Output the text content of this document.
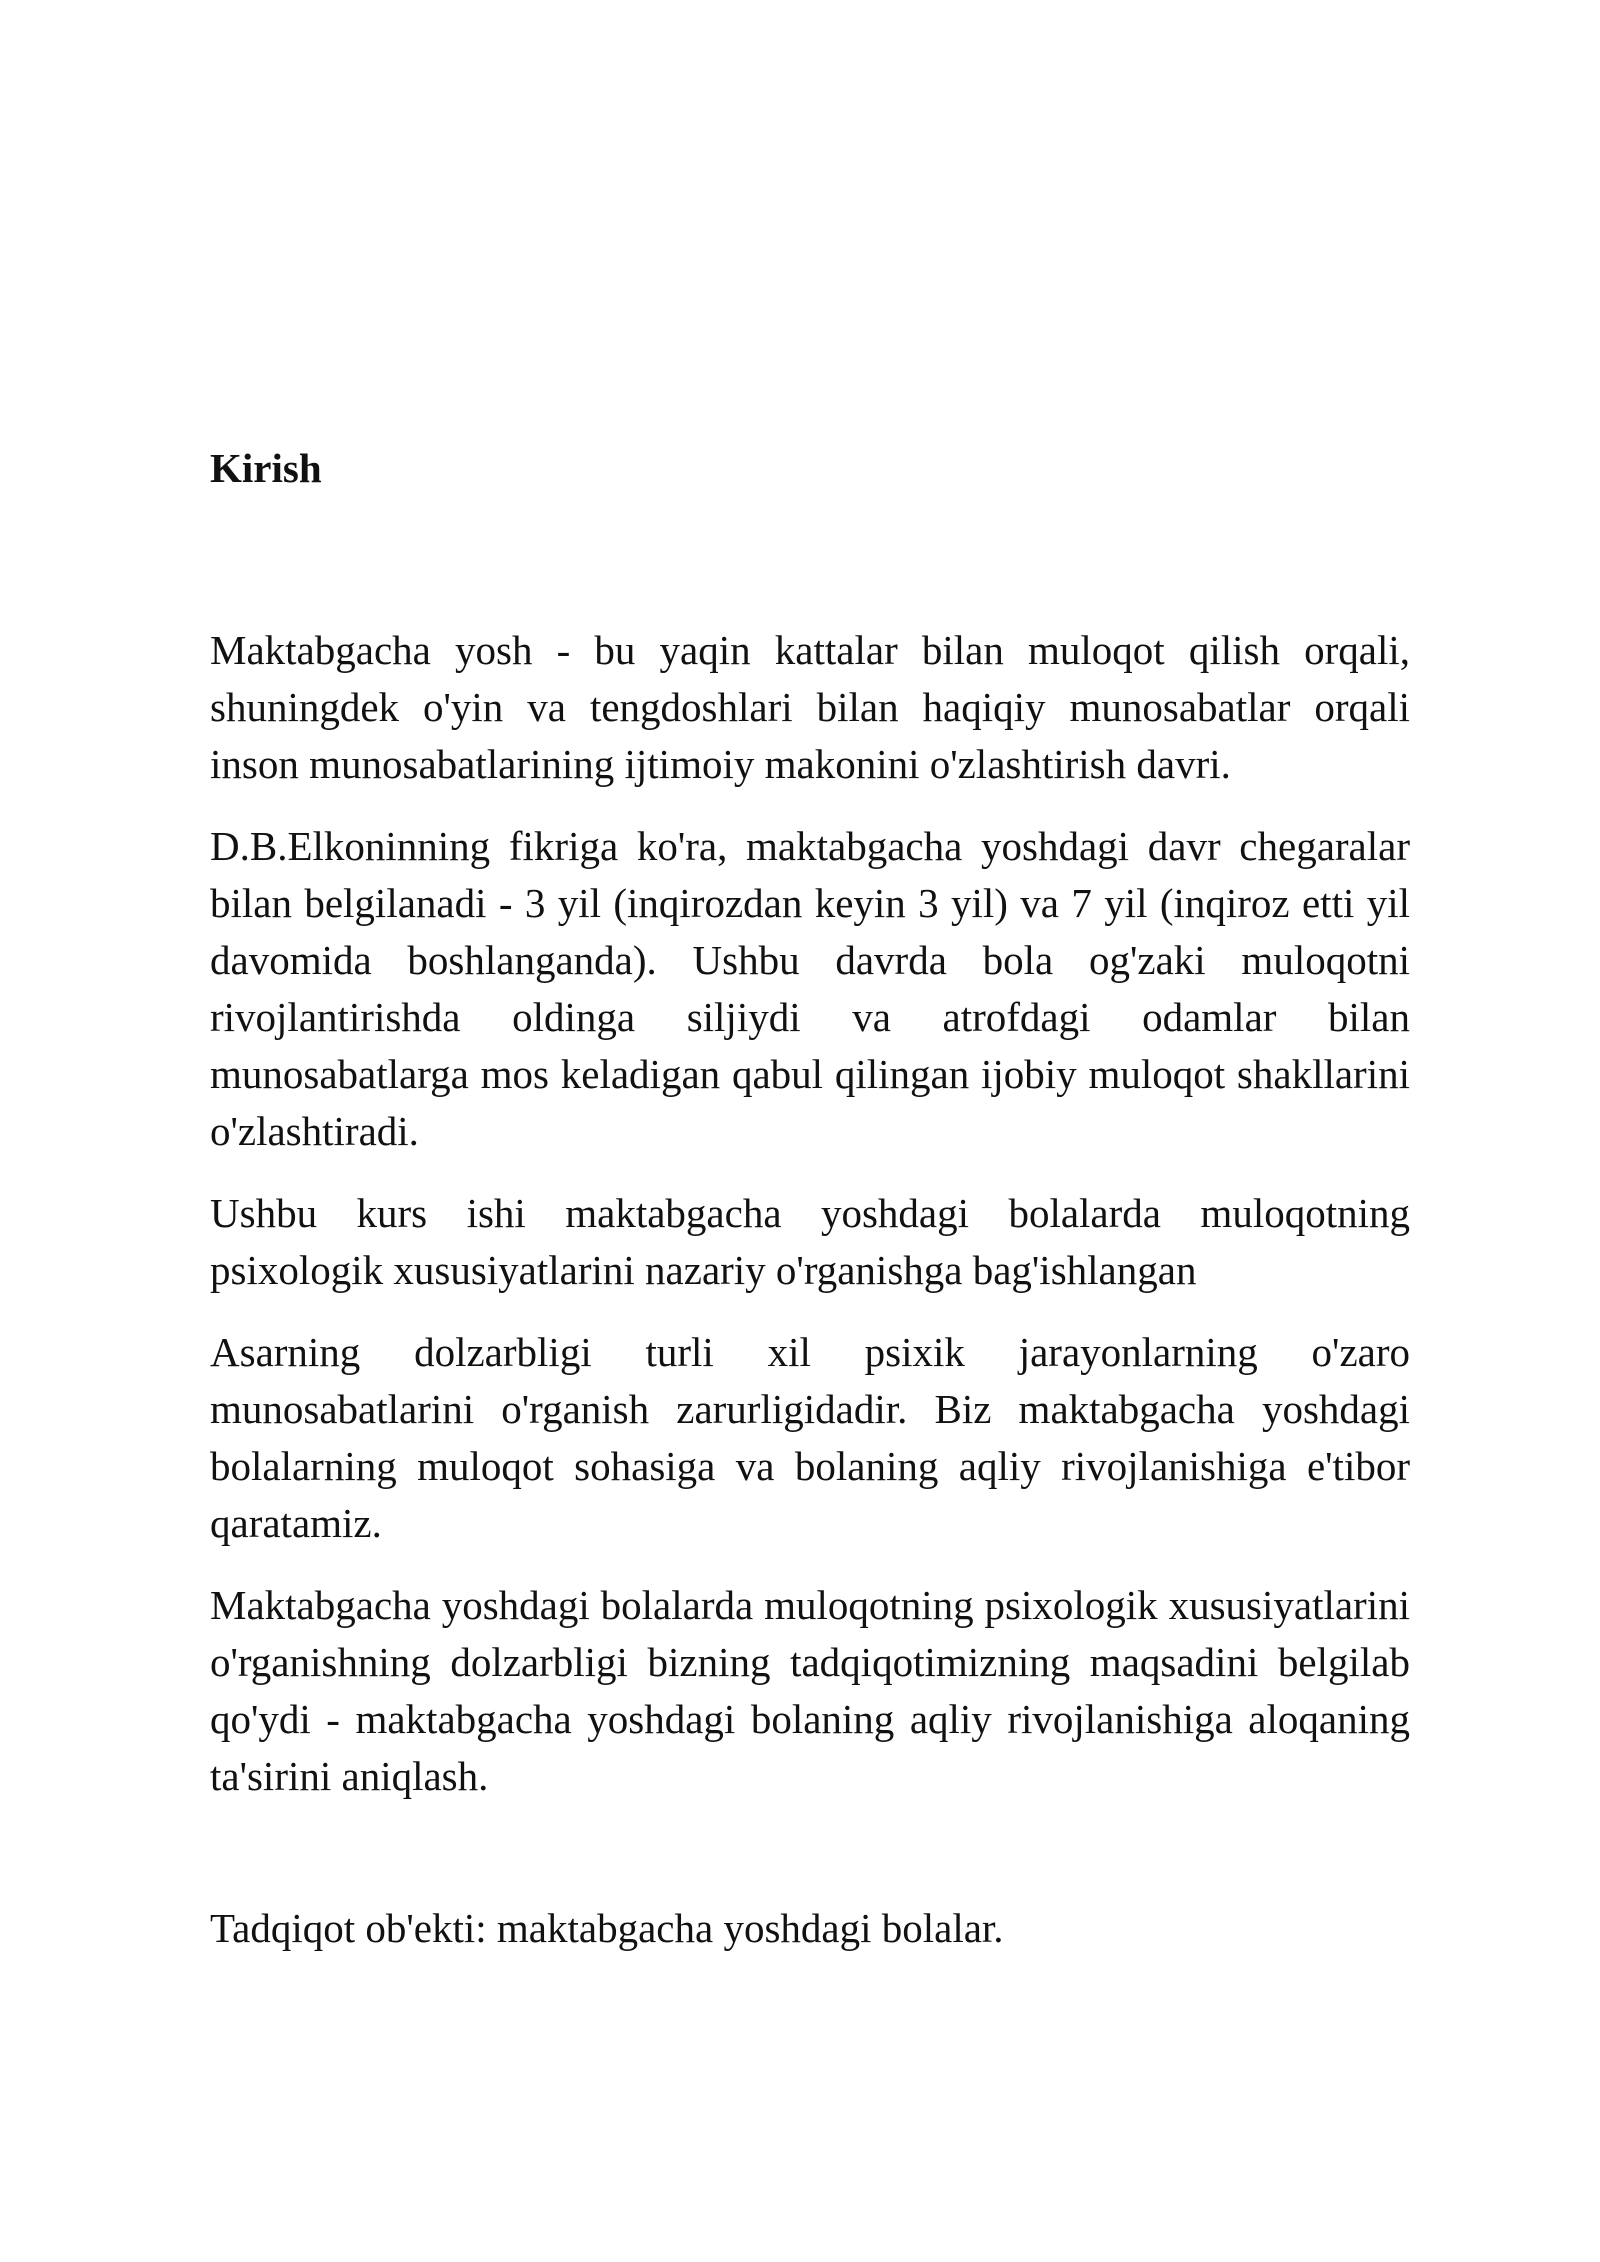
Kirish

Maktabgacha yosh - bu yaqin kattalar bilan muloqot qilish orqali, shuningdek o'yin va tengdoshlari bilan haqiqiy munosabatlar orqali inson munosabatlarining ijtimoiy makonini o'zlashtirish davri.

D.B.Elkoninning fikriga ko'ra, maktabgacha yoshdagi davr chegaralar bilan belgilanadi - 3 yil (inqirozdan keyin 3 yil) va 7 yil (inqiroz etti yil davomida boshlanganda). Ushbu davrda bola og'zaki muloqotni rivojlantirishda oldinga siljiydi va atrofdagi odamlar bilan munosabatlarga mos keladigan qabul qilingan ijobiy muloqot shakllarini o'zlashtiradi.

Ushbu kurs ishi maktabgacha yoshdagi bolalarda muloqotning psixologik xususiyatlarini nazariy o'rganishga bag'ishlangan

Asarning dolzarbligi turli xil psixik jarayonlarning o'zaro munosabatlarini o'rganish zarurligidadir. Biz maktabgacha yoshdagi bolalarning muloqot sohasiga va bolaning aqliy rivojlanishiga e'tibor qaratamiz.

Maktabgacha yoshdagi bolalarda muloqotning psixologik xususiyatlarini o'rganishning dolzarbligi bizning tadqiqotimizning maqsadini belgilab qo'ydi - maktabgacha yoshdagi bolaning aqliy rivojlanishiga aloqaning ta'sirini aniqlash.

Tadqiqot ob'ekti: maktabgacha yoshdagi bolalar.
